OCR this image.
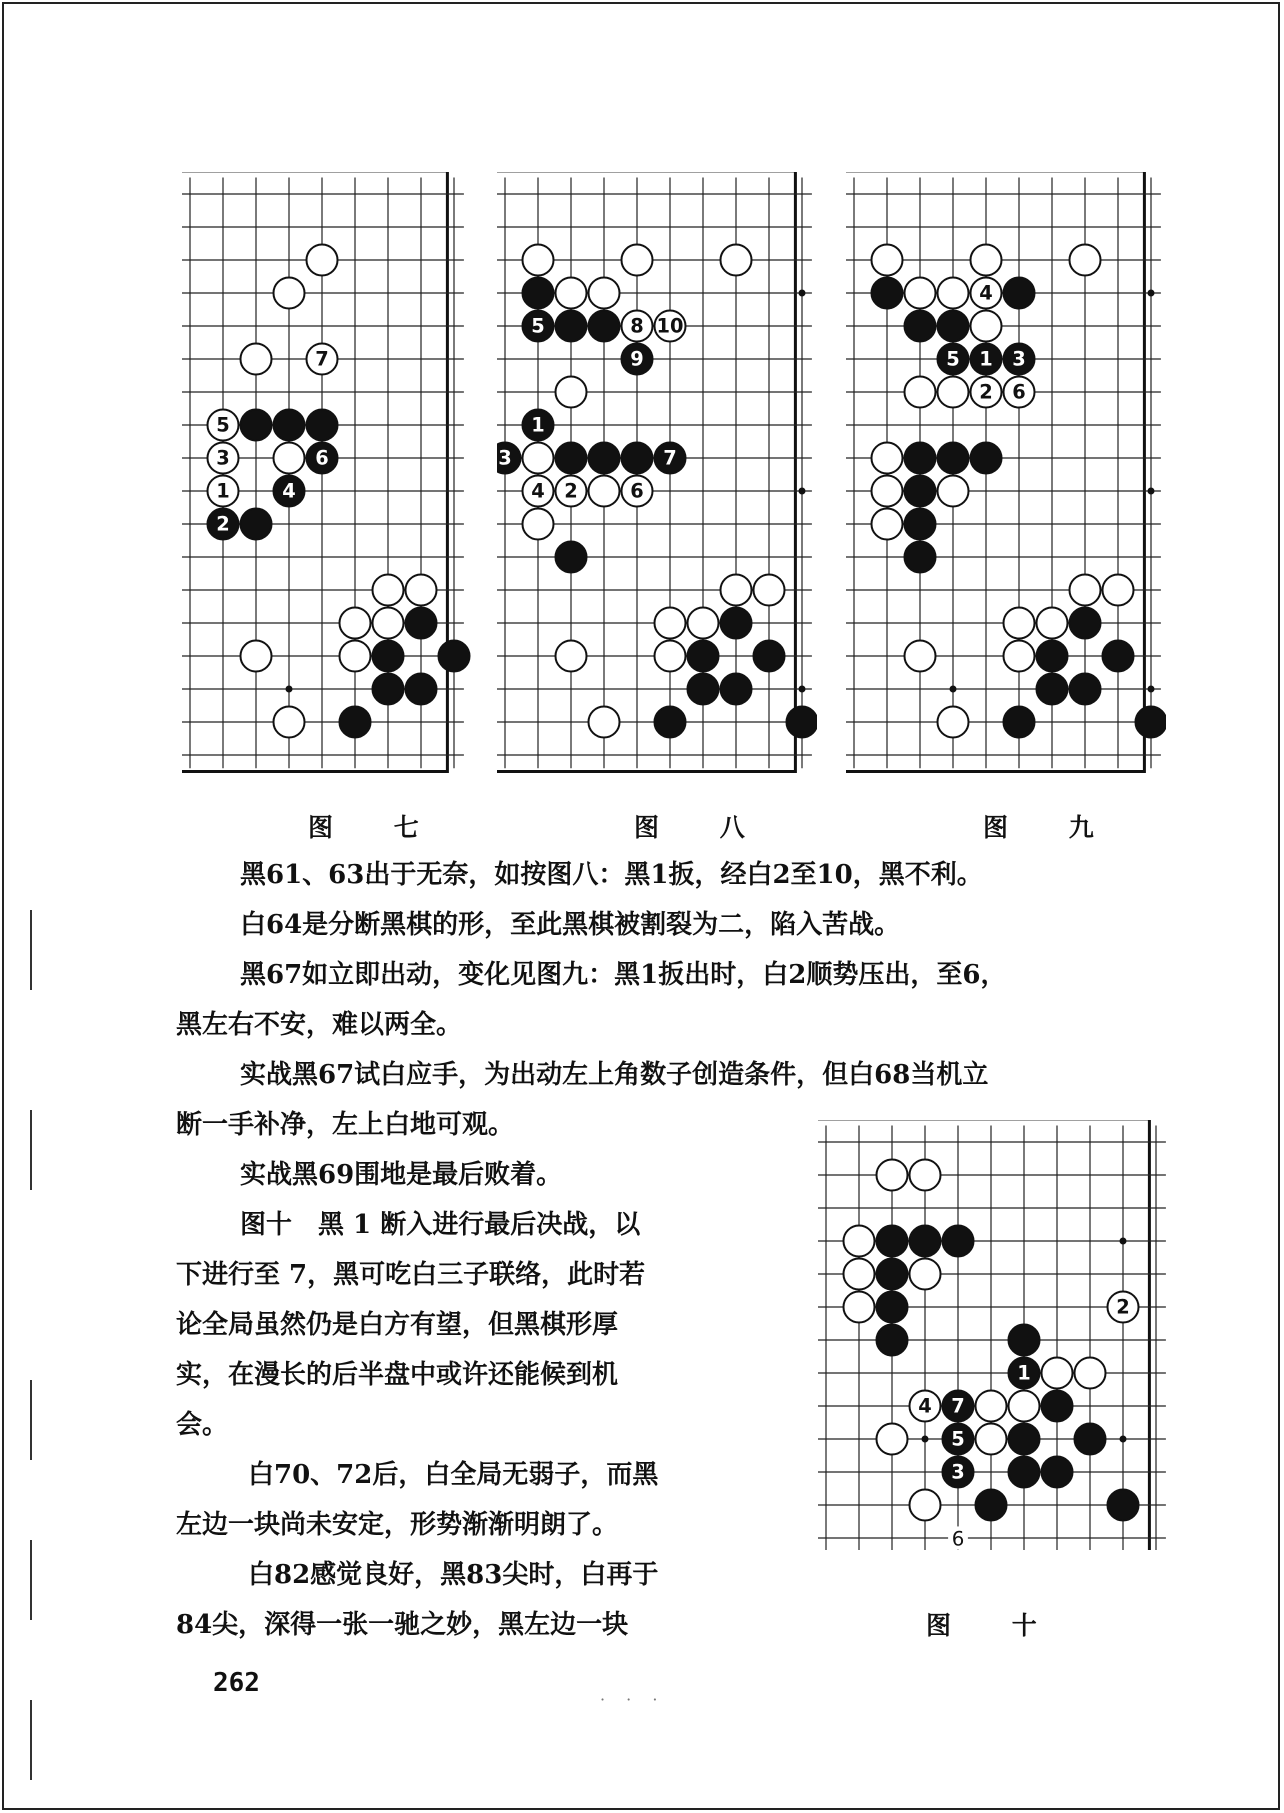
7
5
3	6
1	4
2
5	8 10
9
1
3	7
4 2	6
4
5 1 3
2 6
2
1
4 7
5
3
6
图 七	图 八	图 九
图 十
黑61、63出于无奈，如按图八：黑1扳，经白2至10，黑不利。
白64是分断黑棋的形，至此黑棋被割裂为二，陷入苦战。
黑67如立即出动，变化见图九：黑1扳出时，白2顺势压出，至6，
黑左右不安，难以两全。
实战黑67试白应手，为出动左上角数子创造条件，但白68当机立
断一手补净，左上白地可观。
实战黑69围地是最后败着。
图十　黑 1 断入进行最后决战，以
下进行至 7，黑可吃白三子联络，此时若
论全局虽然仍是白方有望，但黑棋形厚
实，在漫长的后半盘中或许还能候到机
会。
白70、72后，白全局无弱子，而黑
左边一块尚未安定，形势渐渐明朗了。
白82感觉良好，黑83尖时，白再于
84尖，深得一张一驰之妙，黑左边一块
262
· · ·
